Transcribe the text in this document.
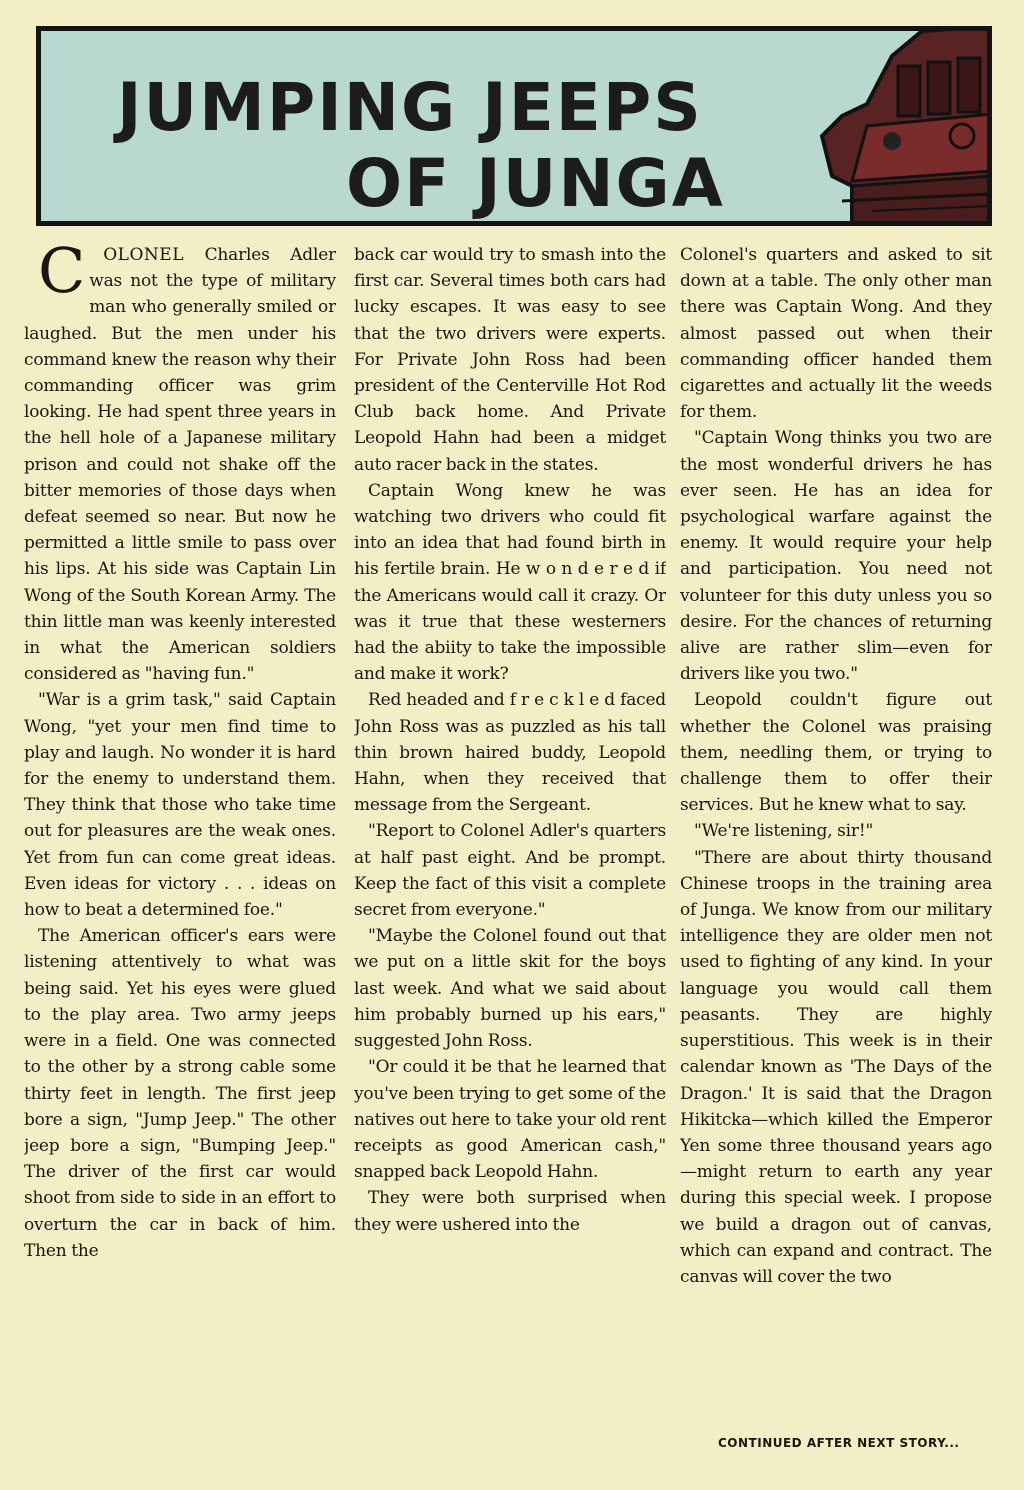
JUMPING JEEPS
OF JUNGA

C OLONEL Charles Adler was not the type of military man who generally smiled or laughed. But the men under his command knew the reason why their commanding officer was grim looking. He had spent three years in the hell hole of a Japanese military prison and could not shake off the bitter memories of those days when defeat seemed so near. But now he permitted a little smile to pass over his lips. At his side was Captain Lin Wong of the South Korean Army. The thin little man was keenly interested in what the American soldiers considered as "having fun."

"War is a grim task," said Captain Wong, "yet your men find time to play and laugh. No wonder it is hard for the enemy to understand them. They think that those who take time out for pleasures are the weak ones. Yet from fun can come great ideas. Even ideas for victory . . . ideas on how to beat a determined foe."

The American officer's ears were listening attentively to what was being said. Yet his eyes were glued to the play area. Two army jeeps were in a field. One was connected to the other by a strong cable some thirty feet in length. The first jeep bore a sign, "Jump Jeep." The other jeep bore a sign, "Bumping Jeep." The driver of the first car would shoot from side to side in an effort to overturn the car in back of him. Then the

back car would try to smash into the first car. Several times both cars had lucky escapes. It was easy to see that the two drivers were experts. For Private John Ross had been president of the Centerville Hot Rod Club back home. And Private Leopold Hahn had been a midget auto racer back in the states.

Captain Wong knew he was watching two drivers who could fit into an idea that had found birth in his fertile brain. He w o n d e r e d if the Americans would call it crazy. Or was it true that these westerners had the abiity to take the impossible and make it work?

Red headed and f r e c k l e d faced John Ross was as puzzled as his tall thin brown haired buddy, Leopold Hahn, when they received that message from the Sergeant.

"Report to Colonel Adler's quarters at half past eight. And be prompt. Keep the fact of this visit a complete secret from everyone."

"Maybe the Colonel found out that we put on a little skit for the boys last week. And what we said about him probably burned up his ears," suggested John Ross.

"Or could it be that he learned that you've been trying to get some of the natives out here to take your old rent receipts as good American cash," snapped back Leopold Hahn.

They were both surprised when they were ushered into the

Colonel's quarters and asked to sit down at a table. The only other man there was Captain Wong. And they almost passed out when their commanding officer handed them cigarettes and actually lit the weeds for them.

"Captain Wong thinks you two are the most wonderful drivers he has ever seen. He has an idea for psychological warfare against the enemy. It would require your help and participation. You need not volunteer for this duty unless you so desire. For the chances of returning alive are rather slim—even for drivers like you two."

Leopold couldn't figure out whether the Colonel was praising them, needling them, or trying to challenge them to offer their services. But he knew what to say.

"We're listening, sir!"

"There are about thirty thousand Chinese troops in the training area of Junga. We know from our military intelligence they are older men not used to fighting of any kind. In your language you would call them peasants. They are highly superstitious. This week is in their calendar known as 'The Days of the Dragon.' It is said that the Dragon Hikitcka—which killed the Emperor Yen some three thousand years ago—might return to earth any year during this special week. I propose we build a dragon out of canvas, which can expand and contract. The canvas will cover the two

CONTINUED AFTER NEXT STORY...
